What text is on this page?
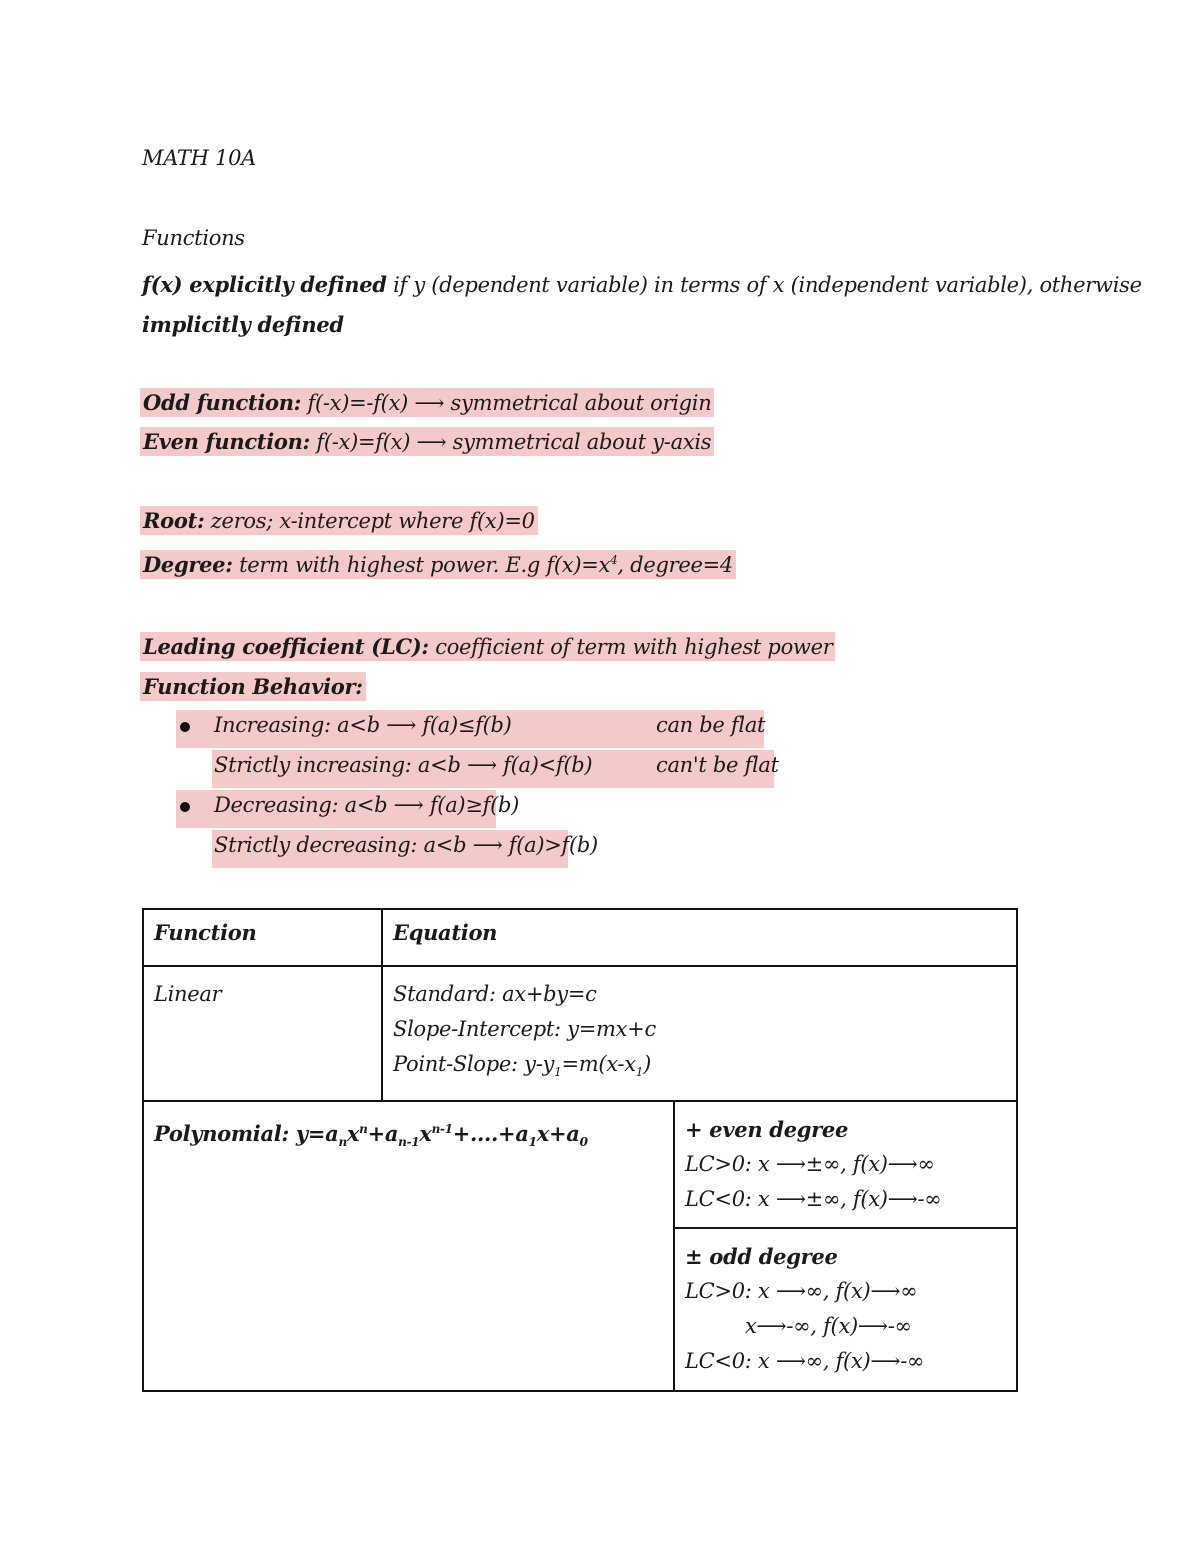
MATH 10A
Functions
f(x) explicitly defined if y (dependent variable) in terms of x (independent variable), otherwise
implicitly defined
Odd function: f(-x)=-f(x) ⟶ symmetrical about origin
Even function: f(-x)=f(x) ⟶ symmetrical about y-axis
Root: zeros; x-intercept where f(x)=0
Degree: term with highest power. E.g $f(x)=x^4$, degree=4
Leading coefficient (LC): coefficient of term with highest power
Function Behavior:
Increasing: a<b ⟶ f(a)≤f(b)	can be flat
Strictly increasing: a<b ⟶ f(a)<f(b)	can't be flat
Decreasing: a<b ⟶ f(a)≥f(b)
Strictly decreasing: a<b ⟶ f(a)>f(b)
Function	Equation	

Linear	Standard: ax+by=c
Slope-Intercept: y=mx+c
Point-Slope: $y-y_1=m(x-x_1)$	

Polynomial: $y=a_nx^n+a_{n-1}x^{n-1}+....+a_1x+a_0$		+ even degree
LC>0: x ⟶±∞, f(x)⟶∞
LC<0: x ⟶±∞, f(x)⟶-∞

		± odd degree
LC>0: x ⟶∞, f(x)⟶∞
x⟶-∞, f(x)⟶-∞
LC<0: x ⟶∞, f(x)⟶-∞
